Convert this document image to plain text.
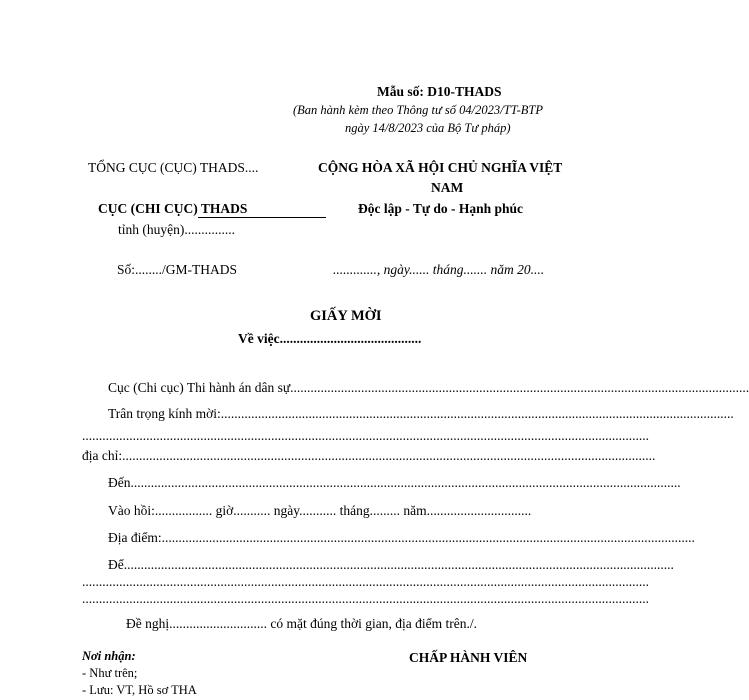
Mẫu số: D10-THADS
(Ban hành kèm theo Thông tư số 04/2023/TT-BTP
ngày 14/8/2023 của Bộ Tư pháp)
TỔNG CỤC (CỤC) THADS....
CỤC (CHI CỤC) THADS
tỉnh (huyện)...............
Số:......../GM-THADS
CỘNG HÒA XÃ HỘI CHỦ NGHĨA VIỆT
NAM
Độc lập - Tự do - Hạnh phúc
............., ngày...... tháng....... năm 20....
GIẤY MỜI
Về việc..........................................
Cục (Chi cục) Thi hành án dân sự........................................................................................................................................
Trân trọng kính mời:........................................................................................................................................................
........................................................................................................................................................................
địa chỉ:..............................................................................................................................................................
Đến...................................................................................................................................................................
Vào hồi:................. giờ........... ngày........... tháng......... năm...............................
Địa điểm:..............................................................................................................................................................
Để...................................................................................................................................................................
........................................................................................................................................................................
........................................................................................................................................................................
Đề nghị............................. có mặt đúng thời gian, địa điểm trên./.
Nơi nhận:
- Như trên;
- Lưu: VT, Hồ sơ THA
CHẤP HÀNH VIÊN
